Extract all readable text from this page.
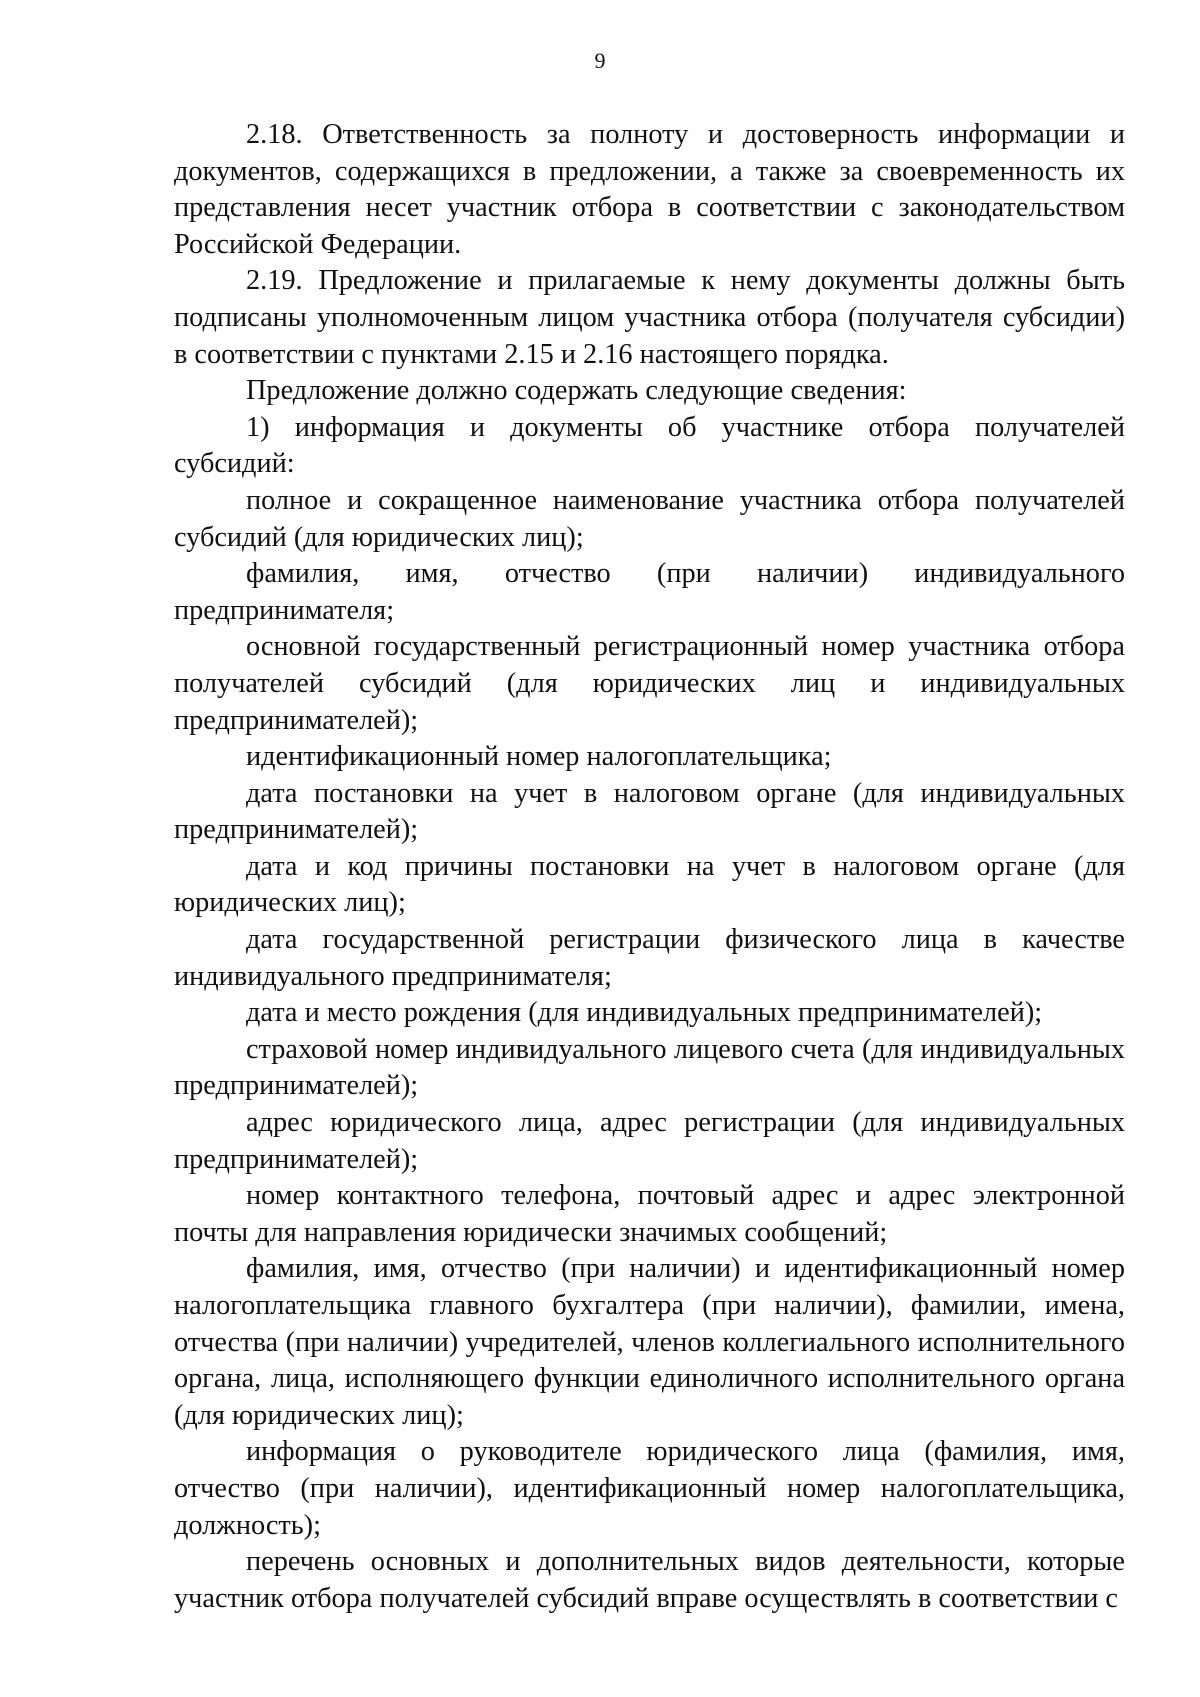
9

2.18. Ответственность за полноту и достоверность информации и документов, содержащихся в предложении, а также за своевременность их представления несет участник отбора в соответствии с законодательством Российской Федерации.

2.19. Предложение и прилагаемые к нему документы должны быть подписаны уполномоченным лицом участника отбора (получателя субсидии) в соответствии с пунктами 2.15 и 2.16 настоящего порядка.

Предложение должно содержать следующие сведения:

1) информация и документы об участнике отбора получателей субсидий:

полное и сокращенное наименование участника отбора получателей субсидий (для юридических лиц);

фамилия, имя, отчество (при наличии) индивидуального предпринимателя;

основной государственный регистрационный номер участника отбора получателей субсидий (для юридических лиц и индивидуальных предпринимателей);

идентификационный номер налогоплательщика;

дата постановки на учет в налоговом органе (для индивидуальных предпринимателей);

дата и код причины постановки на учет в налоговом органе (для юридических лиц);

дата государственной регистрации физического лица в качестве индивидуального предпринимателя;

дата и место рождения (для индивидуальных предпринимателей);

страховой номер индивидуального лицевого счета (для индивидуальных предпринимателей);

адрес юридического лица, адрес регистрации (для индивидуальных предпринимателей);

номер контактного телефона, почтовый адрес и адрес электронной почты для направления юридически значимых сообщений;

фамилия, имя, отчество (при наличии) и идентификационный номер налогоплательщика главного бухгалтера (при наличии), фамилии, имена, отчества (при наличии) учредителей, членов коллегиального исполнительного органа, лица, исполняющего функции единоличного исполнительного органа (для юридических лиц);

информация о руководителе юридического лица (фамилия, имя, отчество (при наличии), идентификационный номер налогоплательщика, должность);

перечень основных и дополнительных видов деятельности, которые участник отбора получателей субсидий вправе осуществлять в соответствии с
